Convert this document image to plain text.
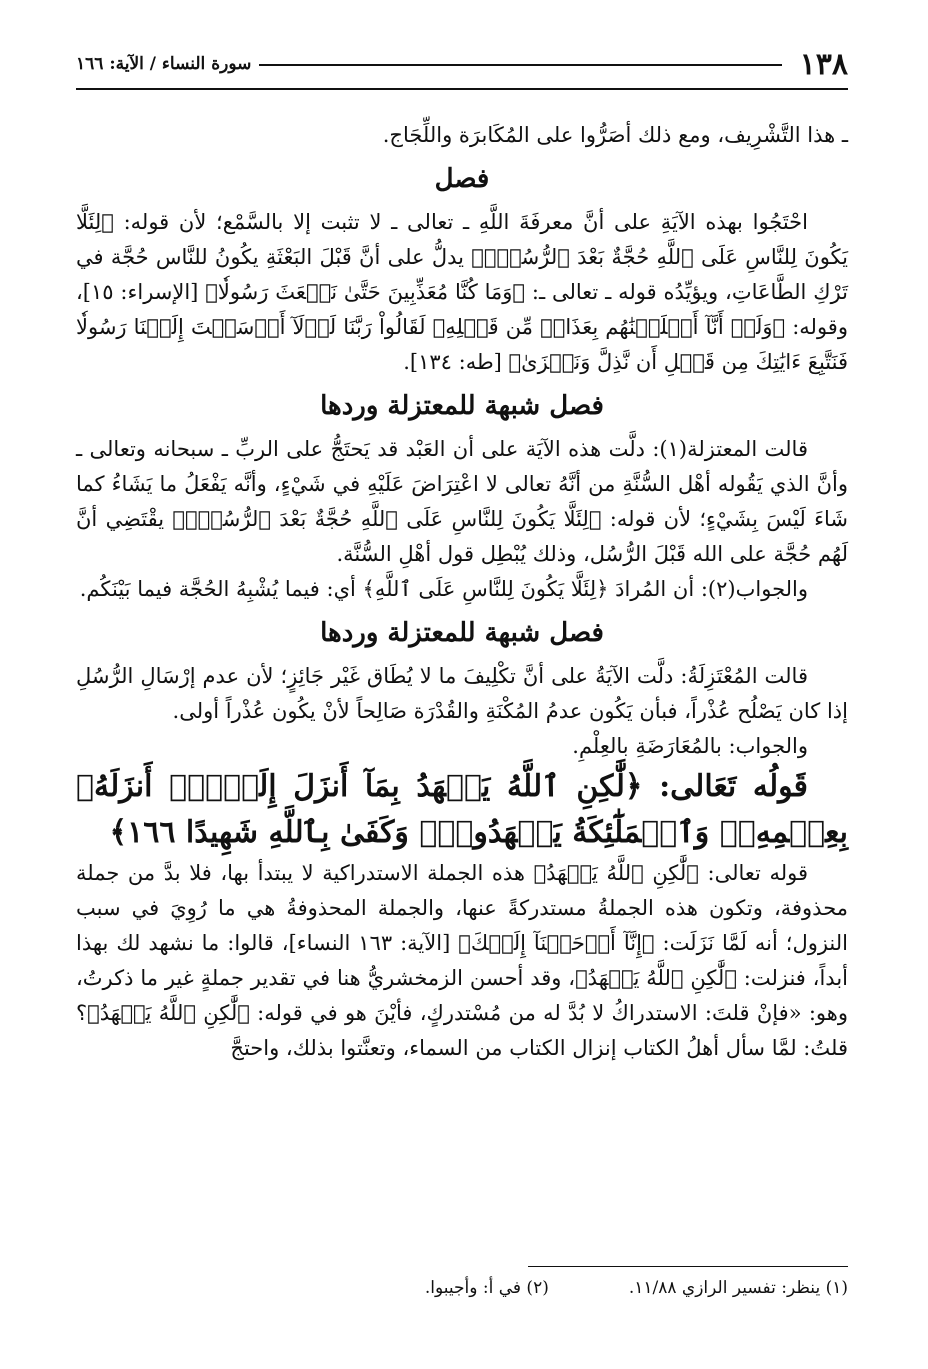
١٣٨
سورة النساء / الآية: ١٦٦

ـ هذا التَّشْرِيف، ومع ذلك أصَرُّوا على المُكَابرَة واللِّجَاج.

فصل

احْتَجُوا بهذه الآيَةِ على أنَّ معرفَةَ اللَّهِ ـ تعالى ـ لا تثبت إلا بالسَّمْع؛ لأن قوله: ﴿لِئَلَّا يَكُونَ لِلنَّاسِ عَلَى ٱللَّهِ حُجَّةٌ بَعْدَ ٱلرُّسُلِۚ﴾ يدلُّ على أنَّ قَبْلَ البَعْثَةِ يكُونُ للنَّاس حُجَّة في تَرْكِ الطَّاعَاتِ، ويؤيِّدُه قوله ـ تعالى ـ: ﴿وَمَا كُنَّا مُعَذِّبِينَ حَتَّىٰ نَبۡعَثَ رَسُولٗا﴾ [الإسراء: ١٥]، وقوله: ﴿وَلَوۡ أَنَّآ أَهۡلَكۡنَٰهُم بِعَذَابٖ مِّن قَبۡلِهِۦ لَقَالُواْ رَبَّنَا لَوۡلَآ أَرۡسَلۡتَ إِلَيۡنَا رَسُولٗا فَنَتَّبِعَ ءَايَٰتِكَ مِن قَبۡلِ أَن نَّذِلَّ وَنَخۡزَىٰ﴾ [طه: ١٣٤].

فصل شبهة للمعتزلة وردها

قالت المعتزلة(١): دلَّت هذه الآيَة على أن العَبْد قد يَحتَجُّ على الربِّ ـ سبحانه وتعالى ـ وأنَّ الذي يَقُوله أهْل السُّنَّةِ من أنَّهُ تعالى لا اعْتِرَاضَ عَلَيْهِ في شَيْءٍ، وأنَّه يَفْعَلُ ما يَشَاءُ كما شَاءَ لَيْسَ بِشَيْءٍ؛ لأن قوله: ﴿لِئَلَّا يَكُونَ لِلنَّاسِ عَلَى ٱللَّهِ حُجَّةٌ بَعْدَ ٱلرُّسُلِۚ﴾ يقْتَضِي أنَّ لَهُم حُجَّة على الله قَبْلَ الرُّسُل، وذلك يُبْطِل قول أهْلِ السُّنَّة.

والجواب(٢): أن المُرادَ ﴿لِئَلَّا يَكُونَ لِلنَّاسِ عَلَى ٱللَّهِ﴾ أي: فيما يُشْبِهُ الحُجَّة فيما بَيْنَكُم.

فصل شبهة للمعتزلة وردها

قالت المُعْتَزِلَةُ: دلَّت الآيَةُ على أنَّ تكْلِيفَ ما لا يُطَاق غَيْر جَائِزٍ؛ لأن عدم إرْسَالِ الرُّسُلِ إذا كان يَصْلُح عُذْراً، فبأن يَكُون عدمُ المُكْنَةِ والقُدْرَة صَالِحاً لأنْ يكُون عُذْراً أولى.

والجواب: بالمُعَارَضَةِ بالعِلْمِ.

قَولُه تَعَالى: ﴿لَّٰكِنِ ٱللَّهُ يَشۡهَدُ بِمَآ أَنزَلَ إِلَيۡكَۖ أَنزَلَهُۥ بِعِلۡمِهِۦۖ وَٱلۡمَلَٰٓئِكَةُ يَشۡهَدُونَۚ وَكَفَىٰ بِٱللَّهِ شَهِيدًا ١٦٦﴾

قوله تعالى: ﴿لَّٰكِنِ ٱللَّهُ يَشۡهَدُ﴾ هذه الجملة الاستدراكية لا يبتدأ بها، فلا بدَّ من جملة محذوفة، وتكون هذه الجملةُ مستدركةً عنها، والجملة المحذوفةُ هي ما رُوِيَ في سبب النزول؛ أنه لَمَّا نَزَلَت: ﴿إِنَّآ أَوۡحَيۡنَآ إِلَيۡكَ﴾ [الآية: ١٦٣ النساء]، قالوا: ما نشهد لك بهذا أبداً، فنزلت: ﴿لَّٰكِنِ ٱللَّهُ يَشۡهَدُ﴾، وقد أحسن الزمخشريُّ هنا في تقدير جملةٍ غير ما ذكرتُ، وهو: «فإنْ قلتَ: الاستدراكُ لا بُدَّ له من مُسْتدركٍ، فأيْنَ هو في قوله: ﴿لَّٰكِنِ ٱللَّهُ يَشۡهَدُ﴾؟ قلتُ: لمَّا سأل أهلُ الكتاب إنزال الكتاب من السماء، وتعنَّتوا بذلك، واحتجَّ

(١) ينظر: تفسير الرازي ١١/٨٨.
(٢) في أ: وأجيبوا.
